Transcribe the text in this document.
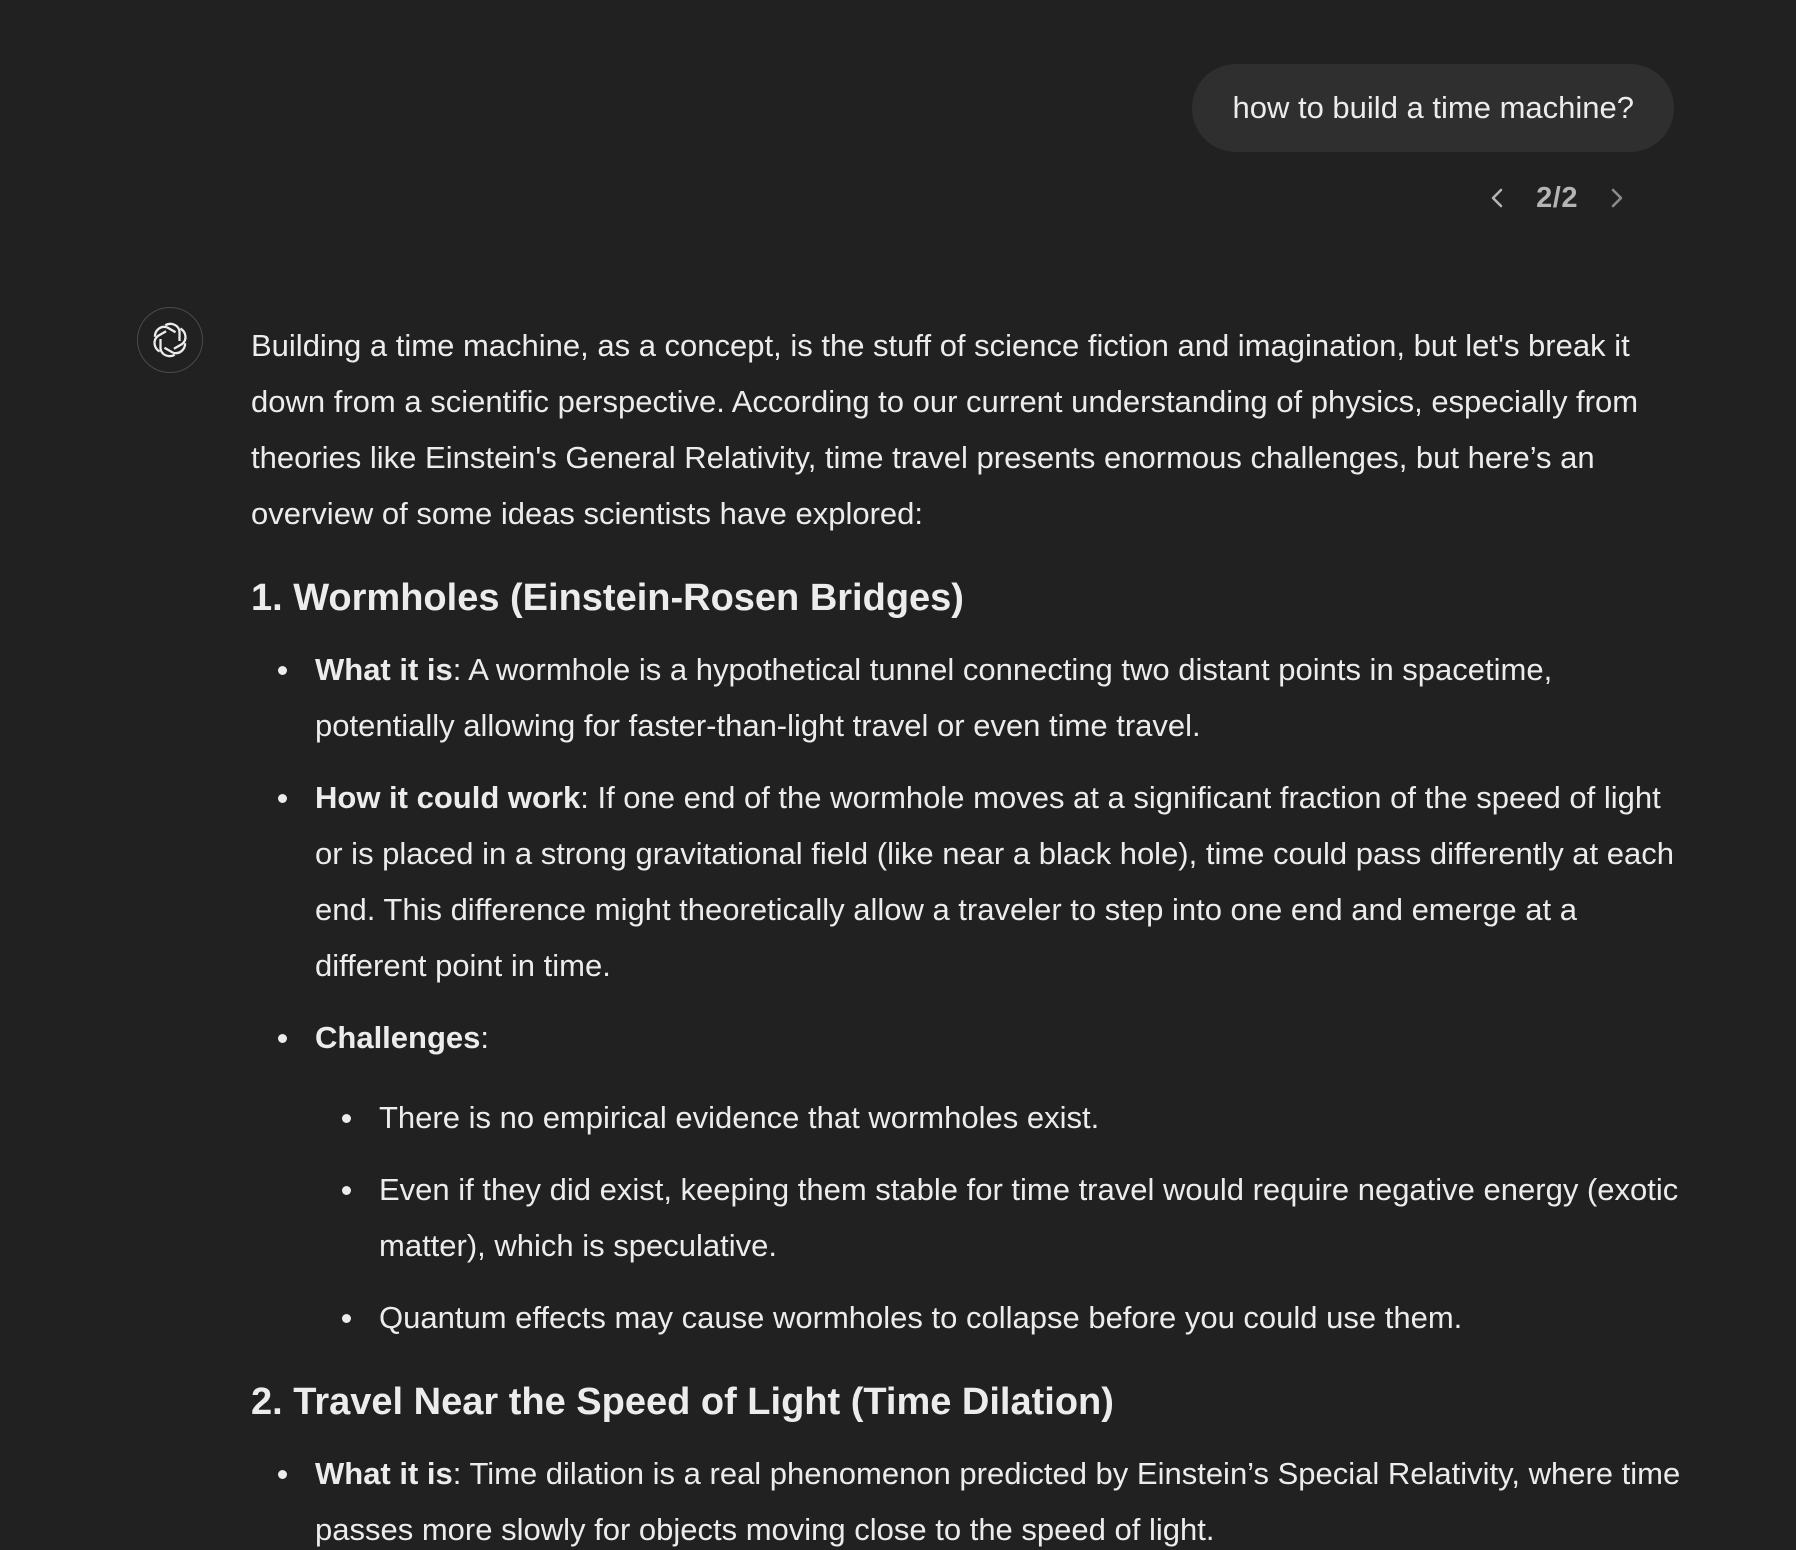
how to build a time machine?
2/2

Building a time machine, as a concept, is the stuff of science fiction and imagination, but let's break it down from a scientific perspective. According to our current understanding of physics, especially from theories like Einstein's General Relativity, time travel presents enormous challenges, but here’s an overview of some ideas scientists have explored:

1. Wormholes (Einstein-Rosen Bridges)
What it is: A wormhole is a hypothetical tunnel connecting two distant points in spacetime, potentially allowing for faster-than-light travel or even time travel.
How it could work: If one end of the wormhole moves at a significant fraction of the speed of light or is placed in a strong gravitational field (like near a black hole), time could pass differently at each end. This difference might theoretically allow a traveler to step into one end and emerge at a different point in time.
Challenges:
There is no empirical evidence that wormholes exist.
Even if they did exist, keeping them stable for time travel would require negative energy (exotic matter), which is speculative.
Quantum effects may cause wormholes to collapse before you could use them.
2. Travel Near the Speed of Light (Time Dilation)
What it is: Time dilation is a real phenomenon predicted by Einstein’s Special Relativity, where time passes more slowly for objects moving close to the speed of light.
